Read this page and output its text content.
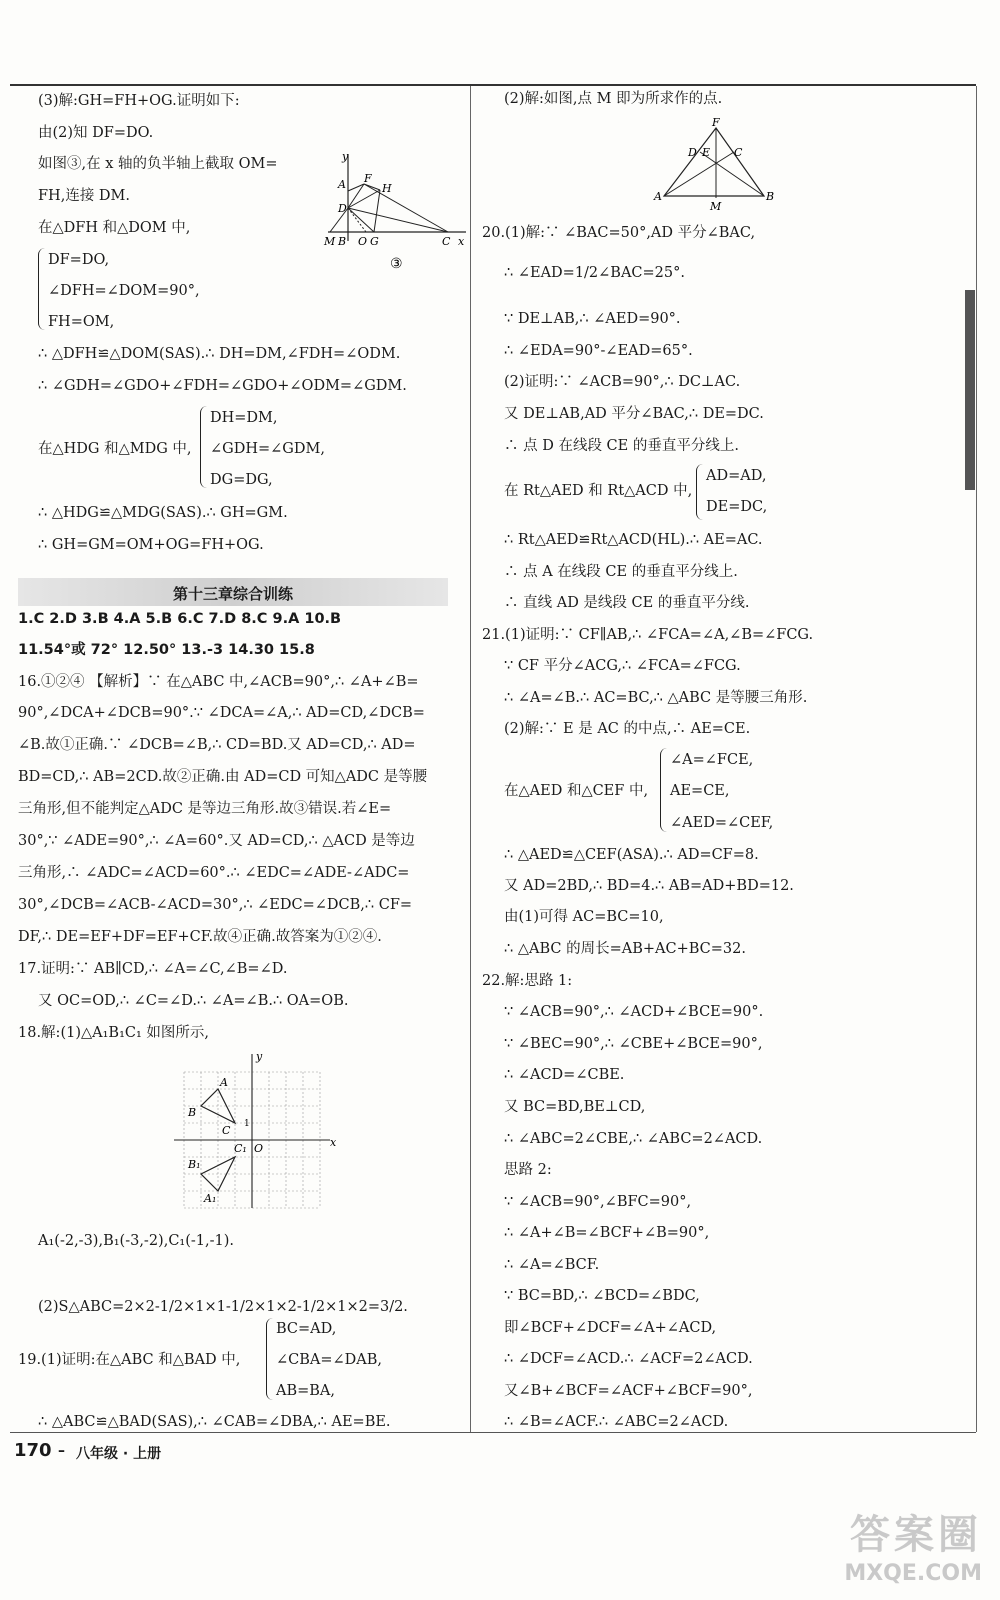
(3)解:GH=FH+OG.证明如下:
由(2)知 DF=DO.
如图③,在 x 轴的负半轴上截取 OM=
FH,连接 DM.
在△DFH 和△DOM 中,
DF=DO,
∠DFH=∠DOM=90°,
FH=OM,
∴ △DFH≌△DOM(SAS).∴ DH=DM,∠FDH=∠ODM.
∴ ∠GDH=∠GDO+∠FDH=∠GDO+∠ODM=∠GDM.
DH=DM,
在△HDG 和△MDG 中, ∠GDH=∠GDM,
DG=DG,
∴ △HDG≌△MDG(SAS).∴ GH=GM.
∴ GH=GM=OM+OG=FH+OG.
y
A F
H
D
M B O G	C x
③
第十三章综合训练
1.C 2.D 3.B 4.A 5.B 6.C 7.D 8.C 9.A 10.B
11.54°或 72° 12.50° 13.-3 14.30 15.8
16.①②④ 【解析】∵ 在△ABC 中,∠ACB=90°,∴ ∠A+∠B=
90°,∠DCA+∠DCB=90°.∵ ∠DCA=∠A,∴ AD=CD,∠DCB=
∠B.故①正确.∵ ∠DCB=∠B,∴ CD=BD.又 AD=CD,∴ AD=
BD=CD,∴ AB=2CD.故②正确.由 AD=CD 可知△ADC 是等腰
三角形,但不能判定△ADC 是等边三角形.故③错误.若∠E=
30°,∵ ∠ADE=90°,∴ ∠A=60°.又 AD=CD,∴ △ACD 是等边
三角形,∴ ∠ADC=∠ACD=60°.∴ ∠EDC=∠ADE-∠ADC=
30°,∠DCB=∠ACB-∠ACD=30°,∴ ∠EDC=∠DCB,∴ CF=
DF,∴ DE=EF+DF=EF+CF.故④正确.故答案为①②④.
17.证明:∵ AB∥CD,∴ ∠A=∠C,∠B=∠D.
又 OC=OD,∴ ∠C=∠D.∴ ∠A=∠B.∴ OA=OB.
18.解:(1)△A₁B₁C₁ 如图所示,
y
x
O
A
B
C
C₁
B₁
A₁
1
A₁(-2,-3),B₁(-3,-2),C₁(-1,-1).
(2)S△ABC=2×2-1/2×1×1-1/2×1×2-1/2×1×2=3/2.
BC=AD,
19.(1)证明:在△ABC 和△BAD 中, ∠CBA=∠DAB,
AB=BA,
∴ △ABC≌△BAD(SAS),∴ ∠CAB=∠DBA,∴ AE=BE.
(2)解:如图,点 M 即为所求作的点.
F
D E C
A
M
B
20.(1)解:∵ ∠BAC=50°,AD 平分∠BAC,
∴ ∠EAD=1/2∠BAC=25°.
∵ DE⊥AB,∴ ∠AED=90°.
∴ ∠EDA=90°-∠EAD=65°.
(2)证明:∵ ∠ACB=90°,∴ DC⊥AC.
又 DE⊥AB,AD 平分∠BAC,∴ DE=DC.
∴ 点 D 在线段 CE 的垂直平分线上.
AD=AD,
在 Rt△AED 和 Rt△ACD 中,
DE=DC,
∴ Rt△AED≌Rt△ACD(HL).∴ AE=AC.
∴ 点 A 在线段 CE 的垂直平分线上.
∴ 直线 AD 是线段 CE 的垂直平分线.
21.(1)证明:∵ CF∥AB,∴ ∠FCA=∠A,∠B=∠FCG.
∵ CF 平分∠ACG,∴ ∠FCA=∠FCG.
∴ ∠A=∠B.∴ AC=BC,∴ △ABC 是等腰三角形.
(2)解:∵ E 是 AC 的中点,∴ AE=CE.
∠A=∠FCE,
在△AED 和△CEF 中, AE=CE,
∠AED=∠CEF,
∴ △AED≌△CEF(ASA).∴ AD=CF=8.
又 AD=2BD,∴ BD=4.∴ AB=AD+BD=12.
由(1)可得 AC=BC=10,
∴ △ABC 的周长=AB+AC+BC=32.
22.解:思路 1:
∵ ∠ACB=90°,∴ ∠ACD+∠BCE=90°.
∵ ∠BEC=90°,∴ ∠CBE+∠BCE=90°,
∴ ∠ACD=∠CBE.
又 BC=BD,BE⊥CD,
∴ ∠ABC=2∠CBE,∴ ∠ABC=2∠ACD.
思路 2:
∵ ∠ACB=90°,∠BFC=90°,
∴ ∠A+∠B=∠BCF+∠B=90°,
∴ ∠A=∠BCF.
∵ BC=BD,∴ ∠BCD=∠BDC,
即∠BCF+∠DCF=∠A+∠ACD,
∴ ∠DCF=∠ACD.∴ ∠ACF=2∠ACD.
又∠B+∠BCF=∠ACF+∠BCF=90°,
∴ ∠B=∠ACF.∴ ∠ABC=2∠ACD.
170 – 八年级 · 上册
答案圈
MXQE.COM
